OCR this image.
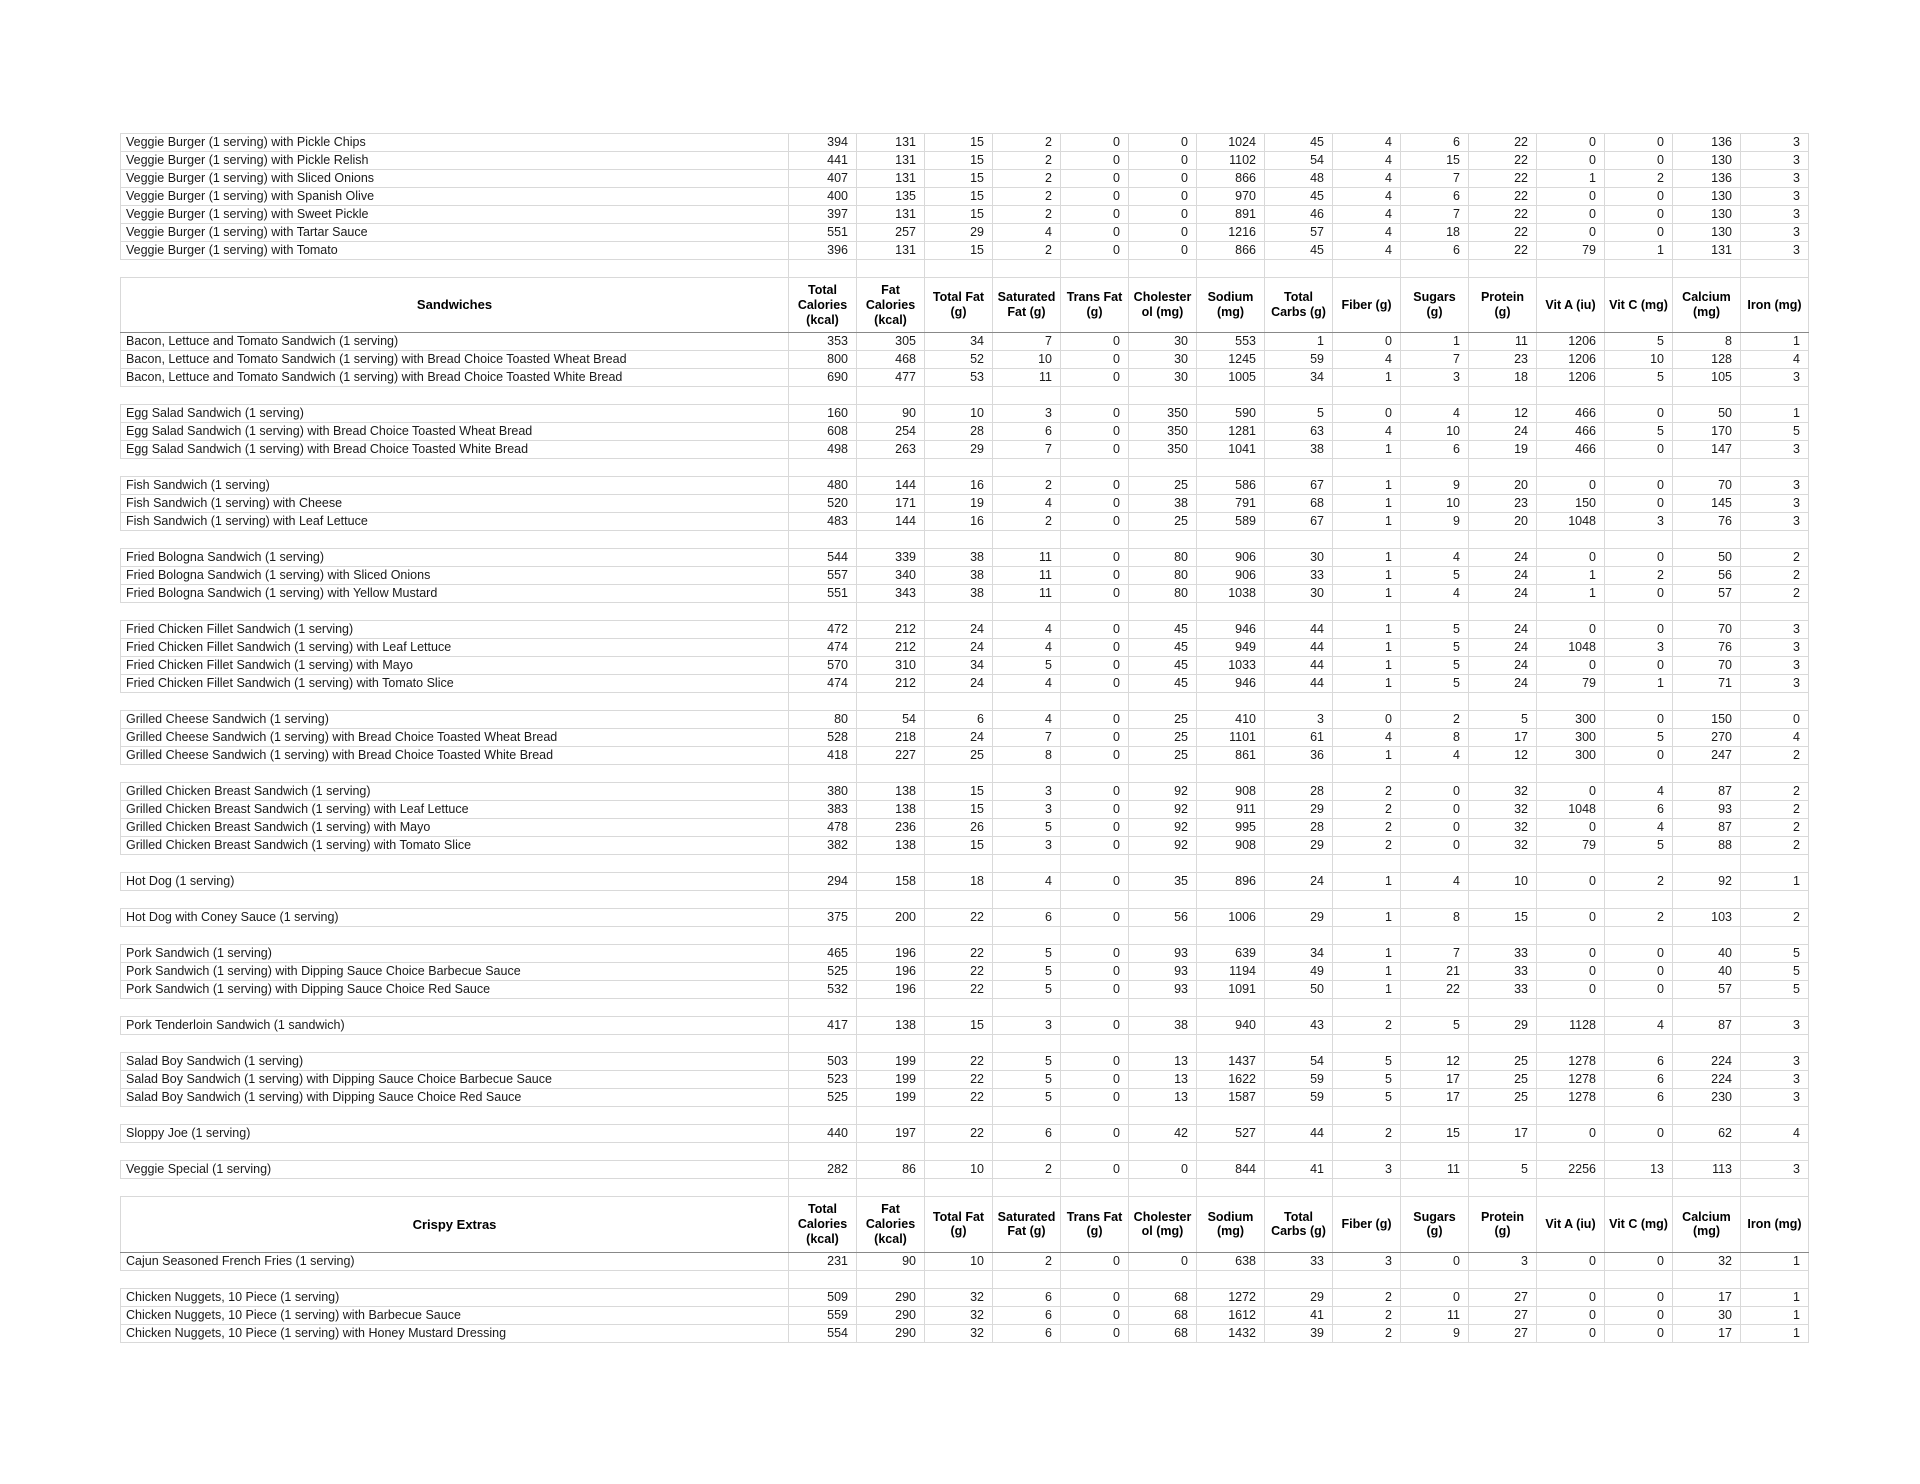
Veggie Burger (1 serving) with Pickle Chips	394	131	15	2	0	0	1024	45	4	6	22	0	0	136	3
Veggie Burger (1 serving) with Pickle Relish	441	131	15	2	0	0	1102	54	4	15	22	0	0	130	3
Veggie Burger (1 serving) with Sliced Onions	407	131	15	2	0	0	866	48	4	7	22	1	2	136	3
Veggie Burger (1 serving) with Spanish Olive	400	135	15	2	0	0	970	45	4	6	22	0	0	130	3
Veggie Burger (1 serving) with Sweet Pickle	397	131	15	2	0	0	891	46	4	7	22	0	0	130	3
Veggie Burger (1 serving) with Tartar Sauce	551	257	29	4	0	0	1216	57	4	18	22	0	0	130	3
Veggie Burger (1 serving) with Tomato	396	131	15	2	0	0	866	45	4	6	22	79	1	131	3

Sandwiches	Total Calories (kcal)	Fat Calories (kcal)	Total Fat (g)	Saturated Fat (g)	Trans Fat (g)	Cholesterol (mg)	Sodium (mg)	Total Carbs (g)	Fiber (g)	Sugars (g)	Protein (g)	Vit A (iu)	Vit C (mg)	Calcium (mg)	Iron (mg)
Bacon, Lettuce and Tomato Sandwich (1 serving)	353	305	34	7	0	30	553	1	0	1	11	1206	5	8	1
Bacon, Lettuce and Tomato Sandwich (1 serving) with Bread Choice Toasted Wheat Bread	800	468	52	10	0	30	1245	59	4	7	23	1206	10	128	4
Bacon, Lettuce and Tomato Sandwich (1 serving) with Bread Choice Toasted White Bread	690	477	53	11	0	30	1005	34	1	3	18	1206	5	105	3

Egg Salad Sandwich (1 serving)	160	90	10	3	0	350	590	5	0	4	12	466	0	50	1
Egg Salad Sandwich (1 serving) with Bread Choice Toasted Wheat Bread	608	254	28	6	0	350	1281	63	4	10	24	466	5	170	5
Egg Salad Sandwich (1 serving) with Bread Choice Toasted White Bread	498	263	29	7	0	350	1041	38	1	6	19	466	0	147	3

Fish Sandwich (1 serving)	480	144	16	2	0	25	586	67	1	9	20	0	0	70	3
Fish Sandwich (1 serving) with Cheese	520	171	19	4	0	38	791	68	1	10	23	150	0	145	3
Fish Sandwich (1 serving) with Leaf Lettuce	483	144	16	2	0	25	589	67	1	9	20	1048	3	76	3

Fried Bologna Sandwich (1 serving)	544	339	38	11	0	80	906	30	1	4	24	0	0	50	2
Fried Bologna Sandwich (1 serving) with Sliced Onions	557	340	38	11	0	80	906	33	1	5	24	1	2	56	2
Fried Bologna Sandwich (1 serving) with Yellow Mustard	551	343	38	11	0	80	1038	30	1	4	24	1	0	57	2

Fried Chicken Fillet Sandwich (1 serving)	472	212	24	4	0	45	946	44	1	5	24	0	0	70	3
Fried Chicken Fillet Sandwich (1 serving) with Leaf Lettuce	474	212	24	4	0	45	949	44	1	5	24	1048	3	76	3
Fried Chicken Fillet Sandwich (1 serving) with Mayo	570	310	34	5	0	45	1033	44	1	5	24	0	0	70	3
Fried Chicken Fillet Sandwich (1 serving) with Tomato Slice	474	212	24	4	0	45	946	44	1	5	24	79	1	71	3

Grilled Cheese Sandwich (1 serving)	80	54	6	4	0	25	410	3	0	2	5	300	0	150	0
Grilled Cheese Sandwich (1 serving) with Bread Choice Toasted Wheat Bread	528	218	24	7	0	25	1101	61	4	8	17	300	5	270	4
Grilled Cheese Sandwich (1 serving) with Bread Choice Toasted White Bread	418	227	25	8	0	25	861	36	1	4	12	300	0	247	2

Grilled Chicken Breast Sandwich (1 serving)	380	138	15	3	0	92	908	28	2	0	32	0	4	87	2
Grilled Chicken Breast Sandwich (1 serving) with Leaf Lettuce	383	138	15	3	0	92	911	29	2	0	32	1048	6	93	2
Grilled Chicken Breast Sandwich (1 serving) with Mayo	478	236	26	5	0	92	995	28	2	0	32	0	4	87	2
Grilled Chicken Breast Sandwich (1 serving) with Tomato Slice	382	138	15	3	0	92	908	29	2	0	32	79	5	88	2

Hot Dog (1 serving)	294	158	18	4	0	35	896	24	1	4	10	0	2	92	1

Hot Dog with Coney Sauce (1 serving)	375	200	22	6	0	56	1006	29	1	8	15	0	2	103	2

Pork Sandwich (1 serving)	465	196	22	5	0	93	639	34	1	7	33	0	0	40	5
Pork Sandwich (1 serving) with Dipping Sauce Choice Barbecue Sauce	525	196	22	5	0	93	1194	49	1	21	33	0	0	40	5
Pork Sandwich (1 serving) with Dipping Sauce Choice Red Sauce	532	196	22	5	0	93	1091	50	1	22	33	0	0	57	5

Pork Tenderloin Sandwich (1 sandwich)	417	138	15	3	0	38	940	43	2	5	29	1128	4	87	3

Salad Boy Sandwich (1 serving)	503	199	22	5	0	13	1437	54	5	12	25	1278	6	224	3
Salad Boy Sandwich (1 serving) with Dipping Sauce Choice Barbecue Sauce	523	199	22	5	0	13	1622	59	5	17	25	1278	6	224	3
Salad Boy Sandwich (1 serving) with Dipping Sauce Choice Red Sauce	525	199	22	5	0	13	1587	59	5	17	25	1278	6	230	3

Sloppy Joe (1 serving)	440	197	22	6	0	42	527	44	2	15	17	0	0	62	4

Veggie Special (1 serving)	282	86	10	2	0	0	844	41	3	11	5	2256	13	113	3

Crispy Extras	Total Calories (kcal)	Fat Calories (kcal)	Total Fat (g)	Saturated Fat (g)	Trans Fat (g)	Cholesterol (mg)	Sodium (mg)	Total Carbs (g)	Fiber (g)	Sugars (g)	Protein (g)	Vit A (iu)	Vit C (mg)	Calcium (mg)	Iron (mg)
Cajun Seasoned French Fries (1 serving)	231	90	10	2	0	0	638	33	3	0	3	0	0	32	1

Chicken Nuggets, 10 Piece (1 serving)	509	290	32	6	0	68	1272	29	2	0	27	0	0	17	1
Chicken Nuggets, 10 Piece (1 serving) with Barbecue Sauce	559	290	32	6	0	68	1612	41	2	11	27	0	0	30	1
Chicken Nuggets, 10 Piece (1 serving) with Honey Mustard Dressing	554	290	32	6	0	68	1432	39	2	9	27	0	0	17	1
